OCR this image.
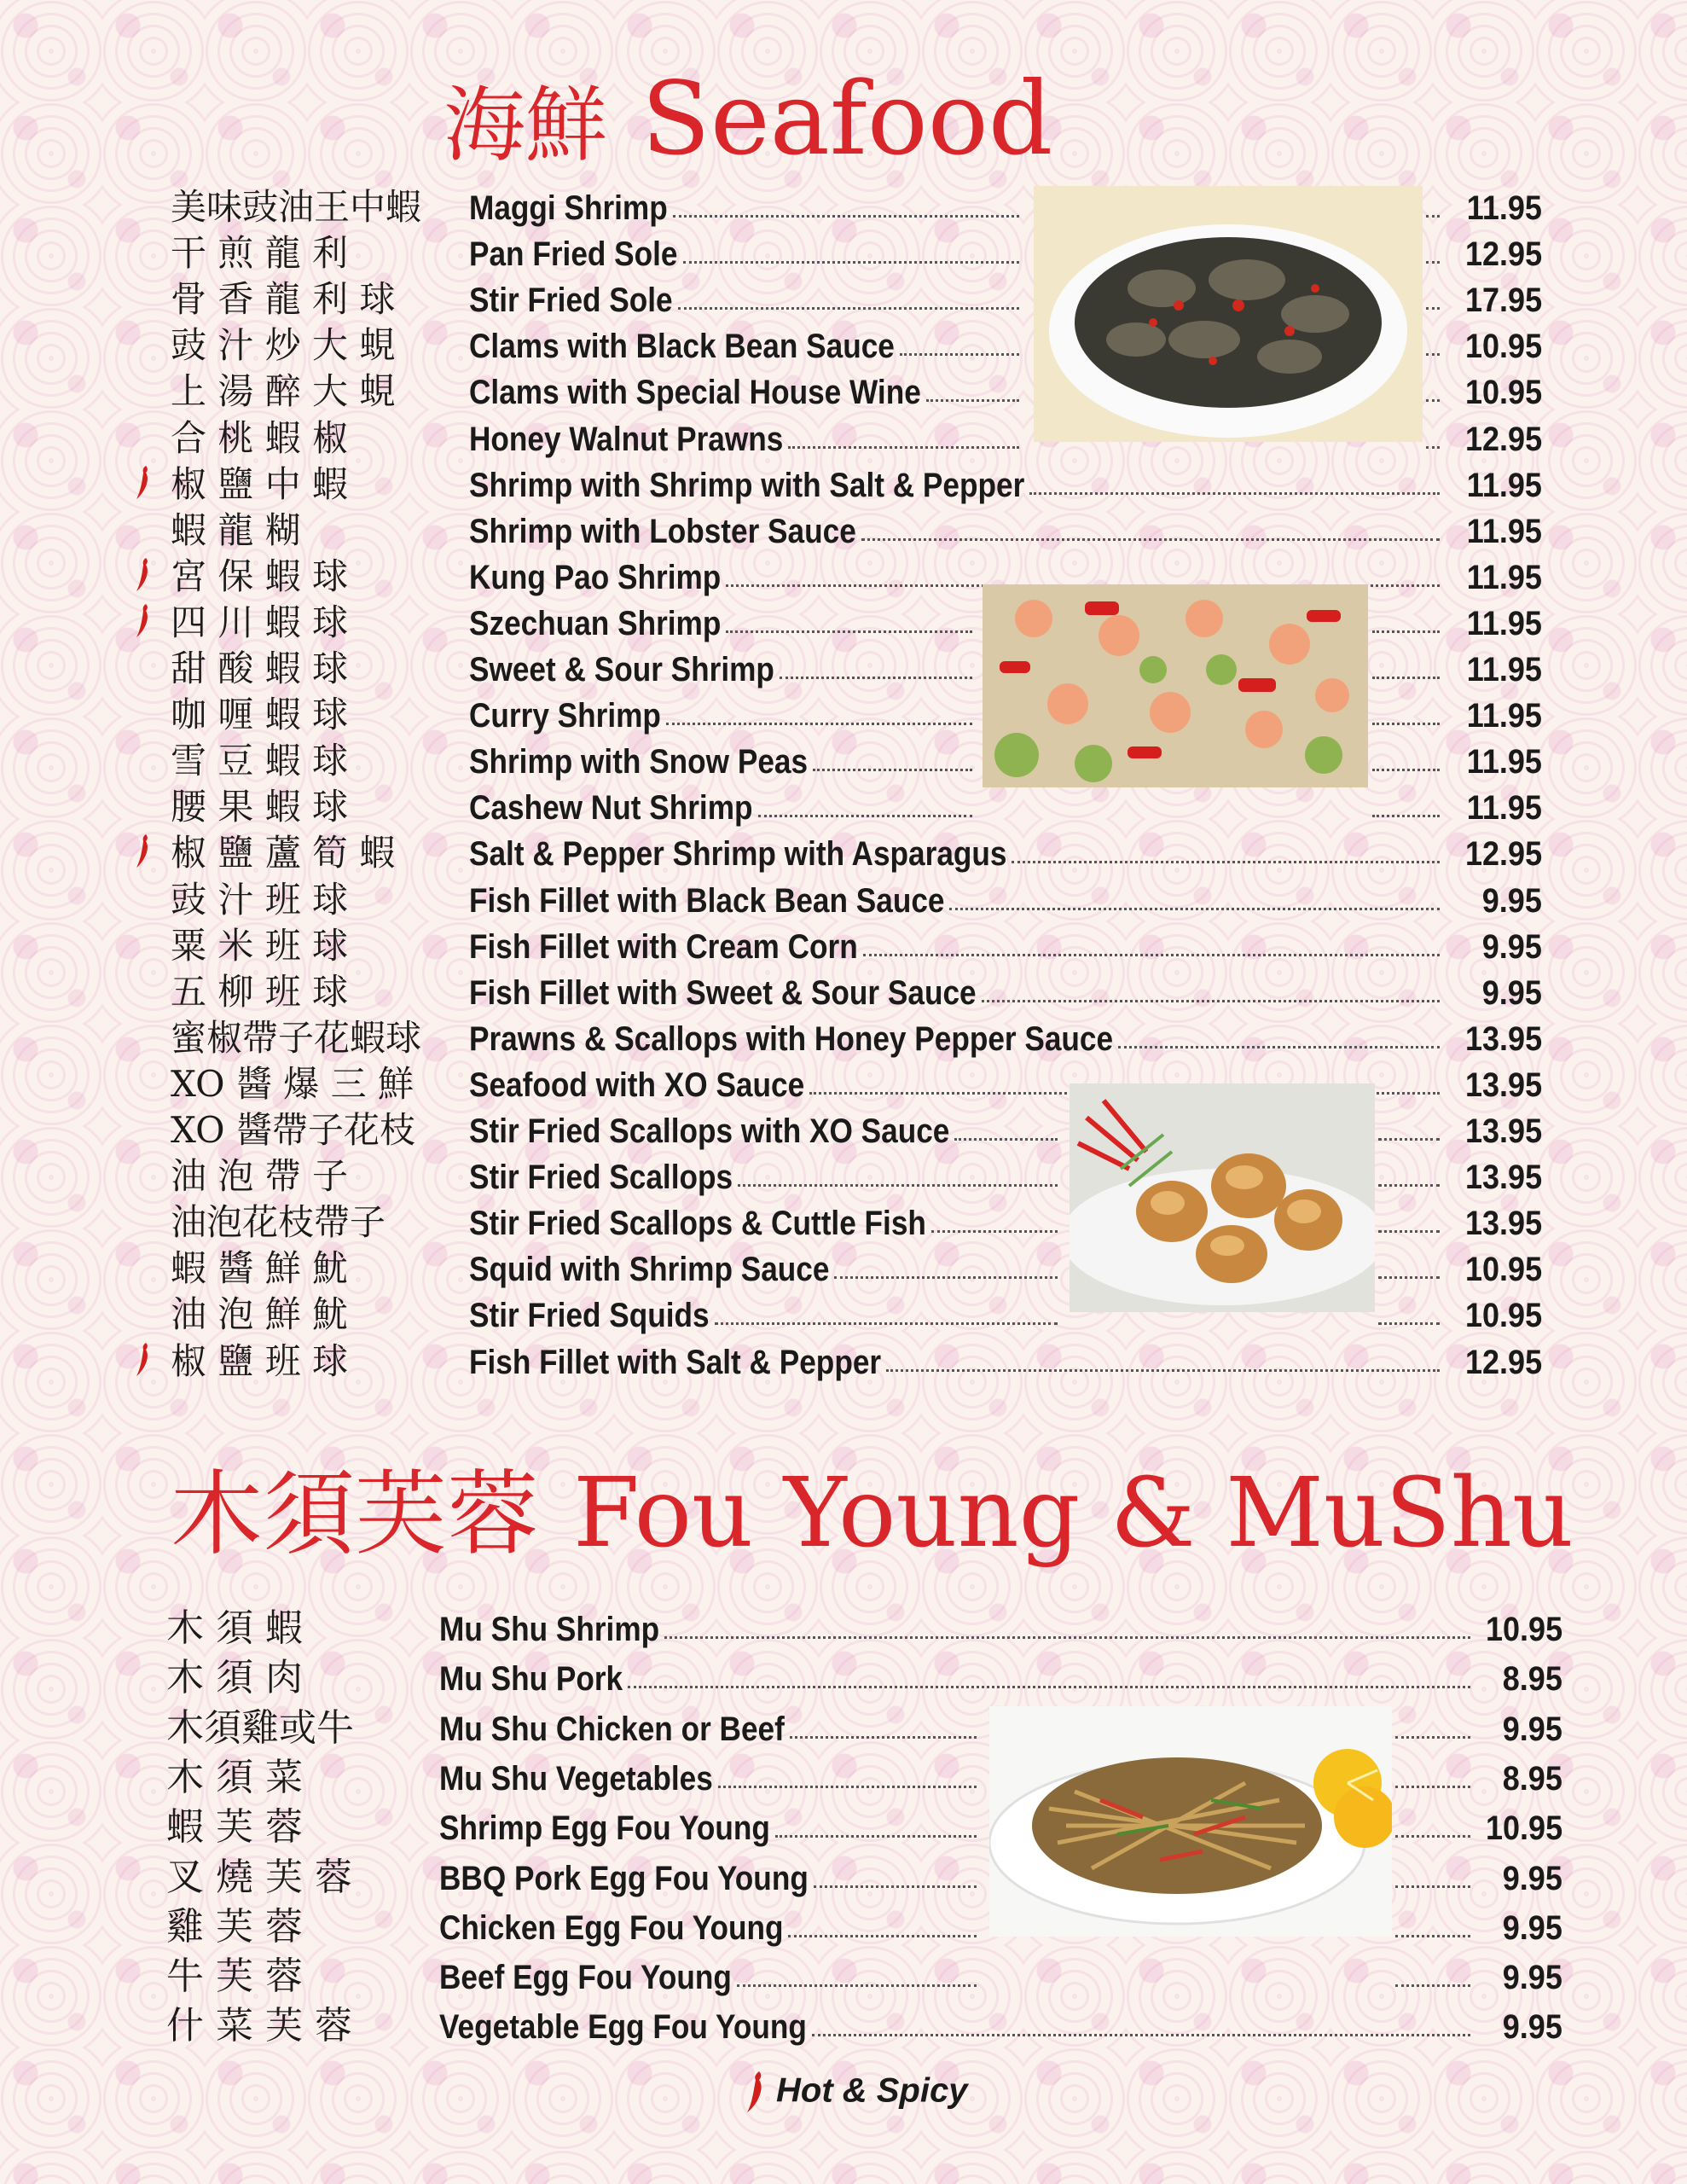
海鮮 Seafood
美味豉油王中蝦 Maggi Shrimp	11.95
干 煎 龍 利	Pan Fried Sole	12.95
骨 香 龍 利 球 Stir Fried Sole	17.95
豉 汁 炒 大 蜆 Clams with Black Bean Sauce	10.95
上 湯 醉 大 蜆 Clams with Special House Wine	10.95
合 桃 蝦 椒	Honey Walnut Prawns	12.95
椒 鹽 中 蝦	Shrimp with Shrimp with Salt & Pepper	11.95
蝦 龍 糊	Shrimp with Lobster Sauce	11.95
宮 保 蝦 球	Kung Pao Shrimp	11.95
四 川 蝦 球	Szechuan Shrimp	11.95
甜 酸 蝦 球	Sweet & Sour Shrimp	11.95
咖 喱 蝦 球	Curry Shrimp	11.95
雪 豆 蝦 球	Shrimp with Snow Peas	11.95
腰 果 蝦 球	Cashew Nut Shrimp	11.95
椒 鹽 蘆 筍 蝦 Salt & Pepper Shrimp with Asparagus	12.95
豉 汁 班 球	Fish Fillet with Black Bean Sauce	9.95
粟 米 班 球	Fish Fillet with Cream Corn	9.95
五 柳 班 球	Fish Fillet with Sweet & Sour Sauce	9.95
蜜椒帶子花蝦球 Prawns & Scallops with Honey Pepper Sauce	13.95
XO 醬 爆 三 鮮 Seafood with XO Sauce	13.95
XO 醬帶子花枝 Stir Fried Scallops with XO Sauce	13.95
油 泡 帶 子	Stir Fried Scallops	13.95
油泡花枝帶子 Stir Fried Scallops & Cuttle Fish	13.95
蝦 醬 鮮 魷	Squid with Shrimp Sauce	10.95
油 泡 鮮 魷	Stir Fried Squids	10.95
椒 鹽 班 球	Fish Fillet with Salt & Pepper	12.95
木須芙蓉 Fou Young & MuShu
木 須 蝦	Mu Shu Shrimp	10.95
木 須 肉	Mu Shu Pork	8.95
木須雞或牛	Mu Shu Chicken or Beef	9.95
木 須 菜	Mu Shu Vegetables	8.95
蝦 芙 蓉	Shrimp Egg Fou Young	10.95
叉 燒 芙 蓉	BBQ Pork Egg Fou Young	9.95
雞 芙 蓉	Chicken Egg Fou Young	9.95
牛 芙 蓉	Beef Egg Fou Young	9.95
什 菜 芙 蓉	Vegetable Egg Fou Young	9.95
Hot & Spicy
